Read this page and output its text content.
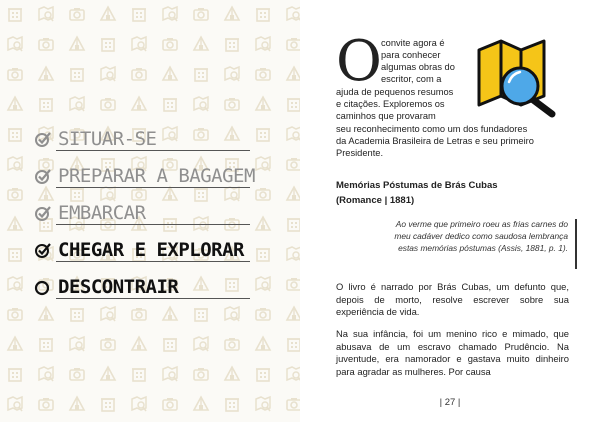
SITUAR-SE
PREPARAR A BAGAGEM
EMBARCAR
CHEGAR E EXPLORAR
DESCONTRAIR
O convite agora é
para conhecer
algumas obras do
escritor, com a
ajuda de pequenos resumos
e citações. Exploremos os
caminhos que provaram
seu reconhecimento como um dos fundadores
da Academia Brasileira de Letras e seu primeiro
Presidente.
Memórias Póstumas de Brás Cubas
(Romance | 1881)
Ao verme que primeiro roeu as frias carnes do meu cadáver dedico como saudosa lembrança estas memórias póstumas (Assis, 1881, p. 1).
O livro é narrado por Brás Cubas, um defunto que, depois de morto, resolve escrever sobre sua experiência de vida.
Na sua infância, foi um menino rico e mimado, que abusava de um escravo chamado Prudêncio. Na juventude, era namorador e gastava muito dinheiro para agradar as mulheres. Por causa
| 27 |
